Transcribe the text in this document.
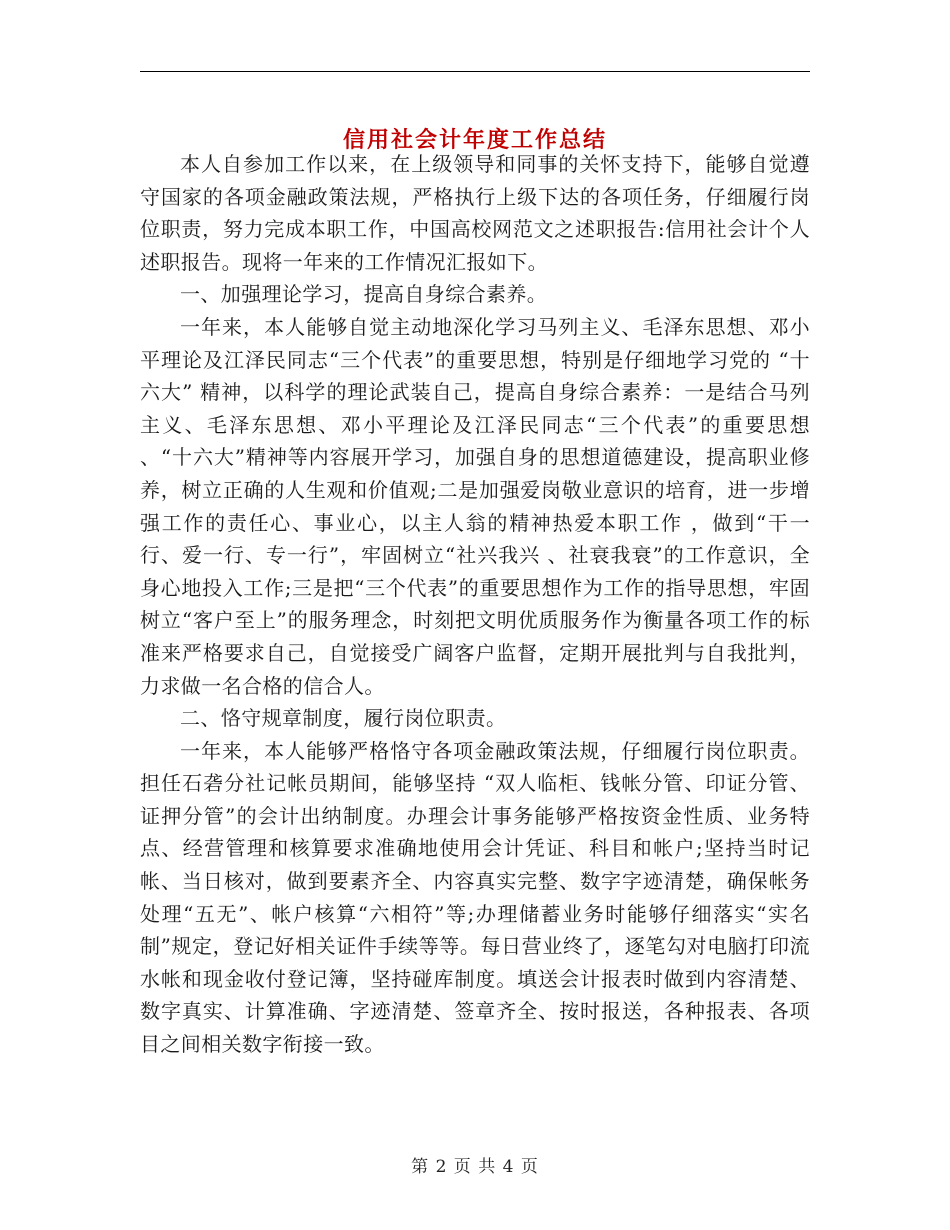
信用社会计年度工作总结

本人自参加工作以来，在上级领导和同事的关怀支持下，能够自觉遵守国家的各项金融政策法规，严格执行上级下达的各项任务，仔细履行岗位职责，努力完成本职工作，中国高校网范文之述职报告:信用社会计个人述职报告。现将一年来的工作情况汇报如下。

一、加强理论学习，提高自身综合素养。

一年来，本人能够自觉主动地深化学习马列主义、毛泽东思想、邓小平理论及江泽民同志“三个代表”的重要思想，特别是仔细地学习党的 “十六大” 精神，以科学的理论武装自己，提高自身综合素养：一是结合马列主义、毛泽东思想、邓小平理论及江泽民同志“三个代表”的重要思想 、“十六大”精神等内容展开学习，加强自身的思想道德建设，提高职业修养，树立正确的人生观和价值观;二是加强爱岗敬业意识的培育，进一步增强工作的责任心、事业心，以主人翁的精神热爱本职工作 ，做到“干一行、爱一行、专一行”，牢固树立“社兴我兴 、社衰我衰”的工作意识，全身心地投入工作;三是把“三个代表”的重要思想作为工作的指导思想，牢固树立“客户至上”的服务理念，时刻把文明优质服务作为衡量各项工作的标准来严格要求自己，自觉接受广阔客户监督，定期开展批判与自我批判，力求做一名合格的信合人。

二、恪守规章制度，履行岗位职责。

一年来，本人能够严格恪守各项金融政策法规，仔细履行岗位职责。担任石砻分社记帐员期间，能够坚持 “双人临柜、钱帐分管、印证分管、证押分管”的会计出纳制度。办理会计事务能够严格按资金性质、业务特点、经营管理和核算要求准确地使用会计凭证、科目和帐户;坚持当时记帐、当日核对，做到要素齐全、内容真实完整、数字字迹清楚，确保帐务处理“五无”、帐户核算“六相符”等;办理储蓄业务时能够仔细落实“实名制”规定，登记好相关证件手续等等。每日营业终了，逐笔勾对电脑打印流水帐和现金收付登记簿，坚持碰库制度。填送会计报表时做到内容清楚、数字真实、计算准确、字迹清楚、签章齐全、按时报送，各种报表、各项目之间相关数字衔接一致。

第 2 页 共 4 页
